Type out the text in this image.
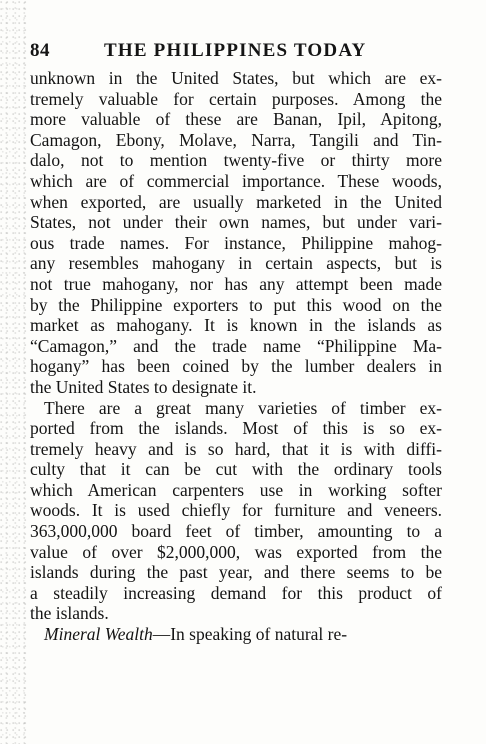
84	THE PHILIPPINES TODAY
unknown in the United States, but which are ex-
tremely valuable for certain purposes. Among the
more valuable of these are Banan, Ipil, Apitong,
Camagon, Ebony, Molave, Narra, Tangili and Tin-
dalo, not to mention twenty-five or thirty more
which are of commercial importance. These woods,
when exported, are usually marketed in the United
States, not under their own names, but under vari-
ous trade names. For instance, Philippine mahog-
any resembles mahogany in certain aspects, but is
not true mahogany, nor has any attempt been made
by the Philippine exporters to put this wood on the
market as mahogany. It is known in the islands as
“Camagon,” and the trade name “Philippine Ma-
hogany” has been coined by the lumber dealers in
the United States to designate it.
There are a great many varieties of timber ex-
ported from the islands. Most of this is so ex-
tremely heavy and is so hard, that it is with diffi-
culty that it can be cut with the ordinary tools
which American carpenters use in working softer
woods. It is used chiefly for furniture and veneers.
363,000,000 board feet of timber, amounting to a
value of over $2,000,000, was exported from the
islands during the past year, and there seems to be
a steadily increasing demand for this product of
the islands.
Mineral Wealth—In speaking of natural re-
